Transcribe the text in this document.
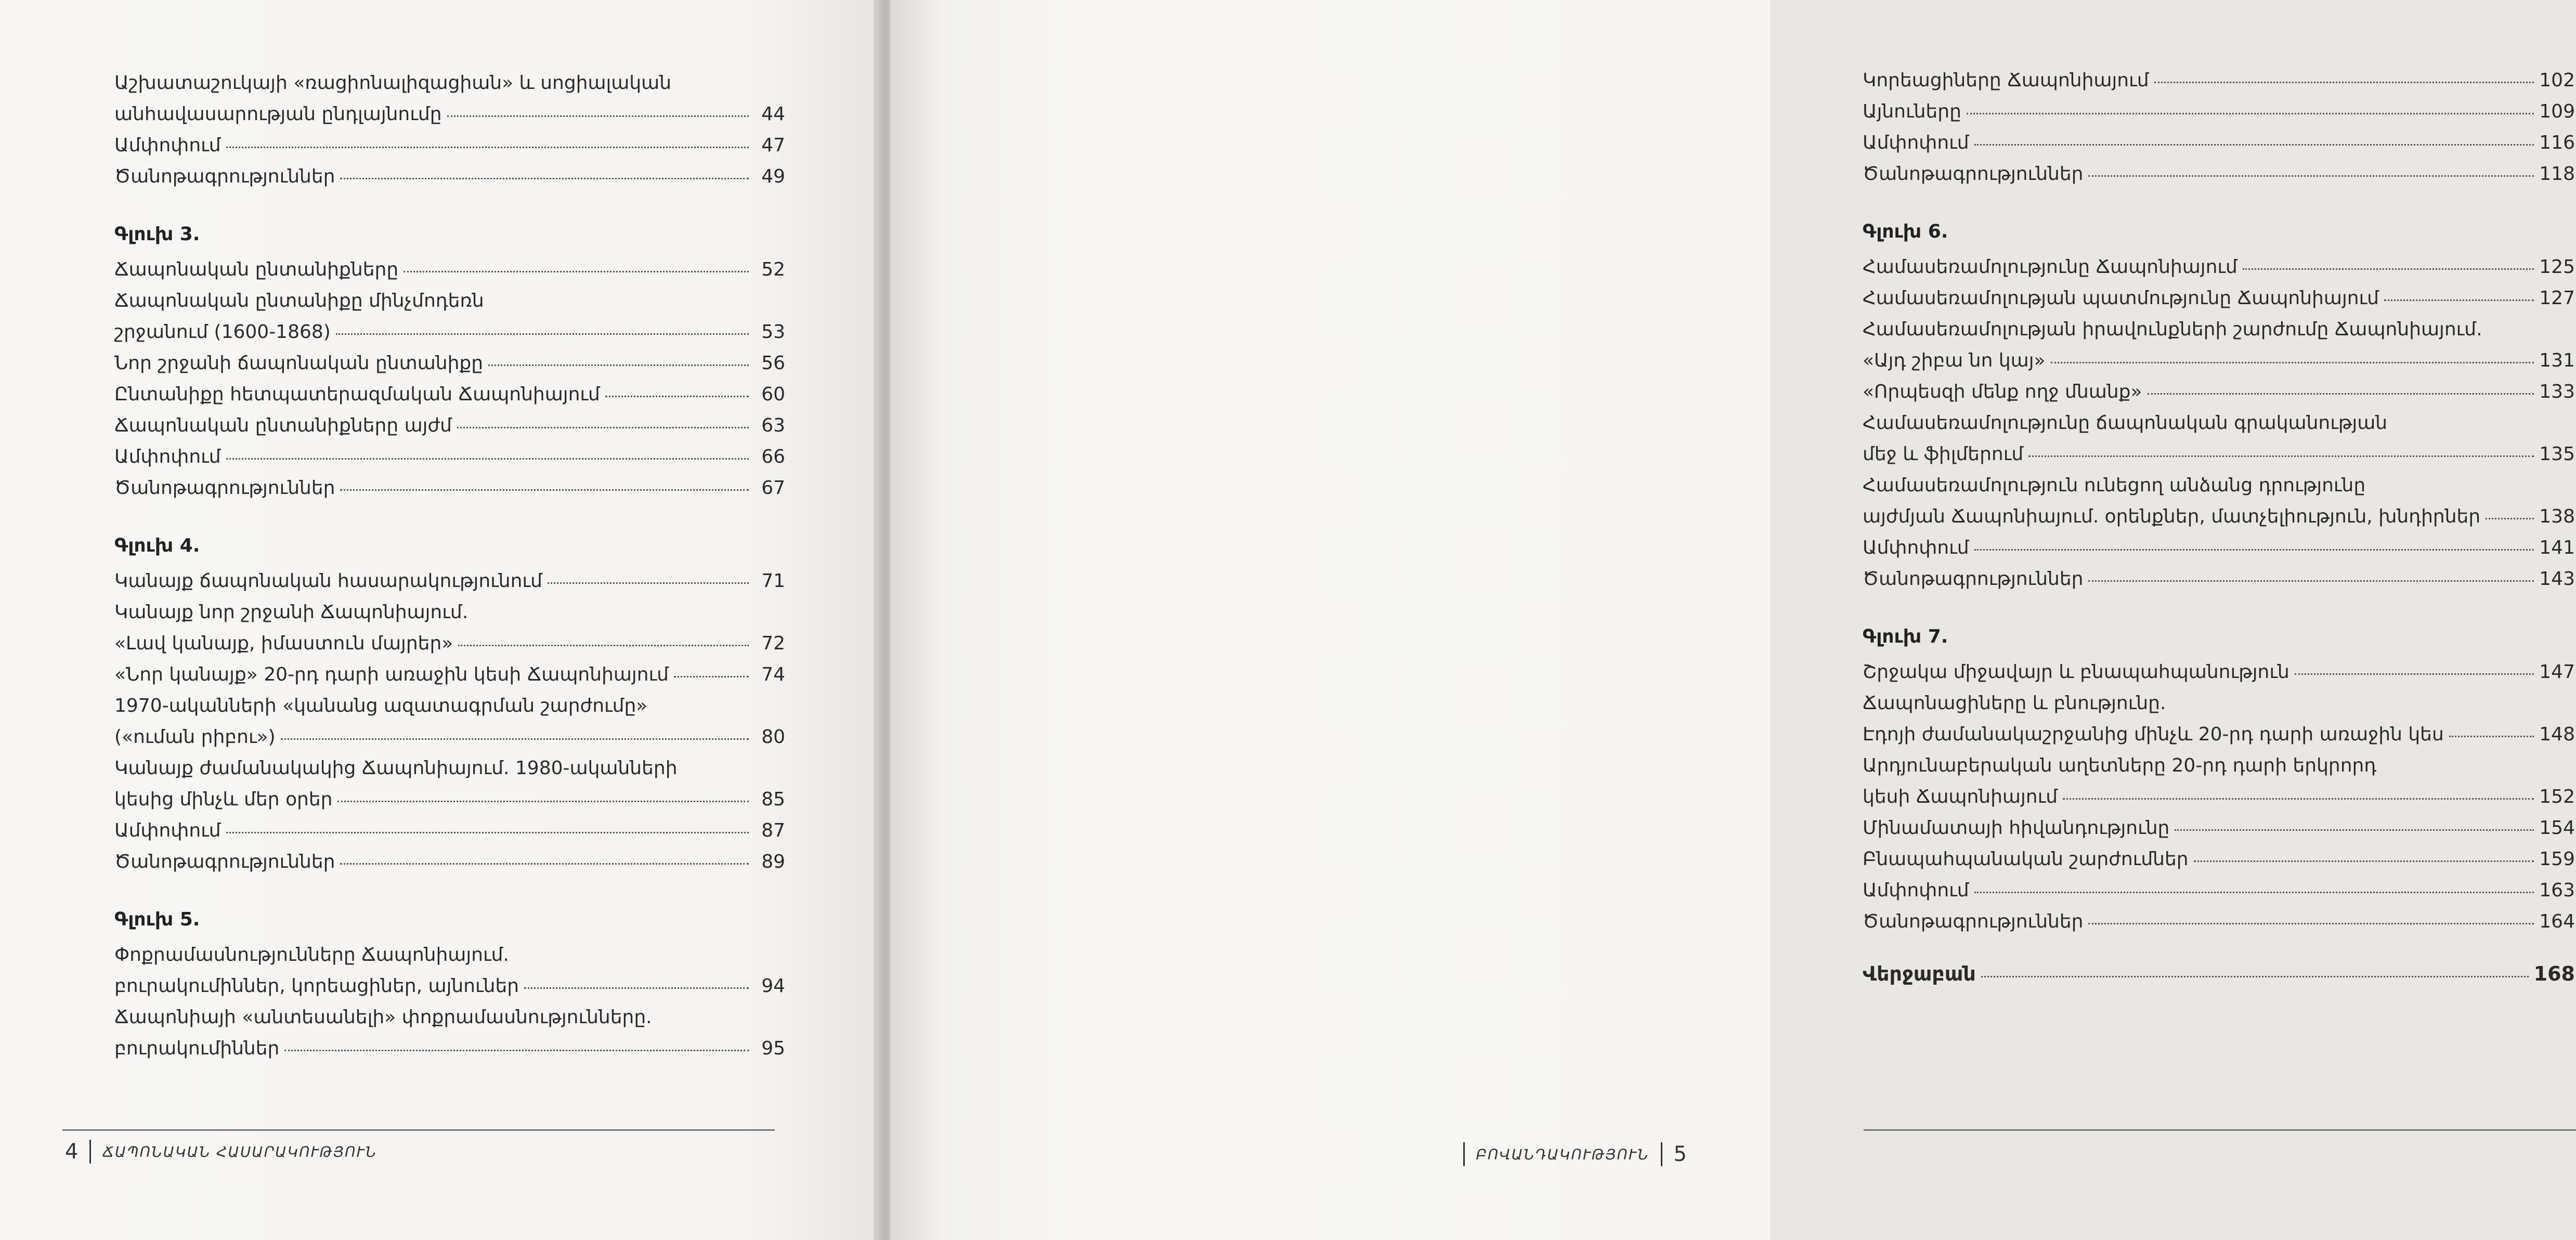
Աշխատաշուկայի «ռացիոնալիզացիան» և սոցիալական
անհավասարության ընդլայնումը	44
Ամփոփում	47
Ծանոթագրություններ	49
Գլուխ 3.
Ճապոնական ընտանիքները	52
Ճապոնական ընտանիքը մինչմոդեռն
շրջանում (1600-1868)	53
Նոր շրջանի ճապոնական ընտանիքը	56
Ընտանիքը հետպատերազմական Ճապոնիայում	60
Ճապոնական ընտանիքները այժմ	63
Ամփոփում	66
Ծանոթագրություններ	67
Գլուխ 4.
Կանայք ճապոնական հասարակությունում	71
Կանայք նոր շրջանի Ճապոնիայում.
«Լավ կանայք, իմաստուն մայրեր»	72
«Նոր կանայք» 20-րդ դարի առաջին կեսի Ճապոնիայում	74
1970-ականների «կանանց ազատագրման շարժումը»
(«ուման րիբու»)	80
Կանայք ժամանակակից Ճապոնիայում. 1980-ականների
կեսից մինչև մեր օրեր	85
Ամփոփում	87
Ծանոթագրություններ	89
Գլուխ 5.
Փոքրամասնությունները Ճապոնիայում.
բուրակումիններ, կորեացիներ, այնուներ	94
Ճապոնիայի «անտեսանելի» փոքրամասնությունները.
բուրակումիններ	95
4 ՃԱՊՈՆԱԿԱՆ ՀԱՍԱՐԱԿՈՒԹՅՈՒՆ
Կորեացիները Ճապոնիայում	102
Այնուները	109
Ամփոփում	116
Ծանոթագրություններ	118
Գլուխ 6.
Համասեռամոլությունը Ճապոնիայում	125
Համասեռամոլության պատմությունը Ճապոնիայում	127
Համասեռամոլության իրավունքների շարժումը Ճապոնիայում.
«Այդ շիբա նո կայ»	131
«Որպեսզի մենք ողջ մնանք»	133
Համասեռամոլությունը ճապոնական գրականության
մեջ և ֆիլմերում	135
Համասեռամոլություն ունեցող անձանց դրությունը
այժմյան Ճապոնիայում. օրենքներ, մատչելիություն, խնդիրներ	138
Ամփոփում	141
Ծանոթագրություններ	143
Գլուխ 7.
Շրջակա միջավայր և բնապահպանություն	147
Ճապոնացիները և բնությունը.
Էդոյի ժամանակաշրջանից մինչև 20-րդ դարի առաջին կես	148
Արդյունաբերական աղետները 20-րդ դարի երկրորդ
կեսի Ճապոնիայում	152
Մինամատայի հիվանդությունը	154
Բնապահպանական շարժումներ	159
Ամփոփում	163
Ծանոթագրություններ	164
Վերջաբան	168
ԲՈՎԱՆԴԱԿՈՒԹՅՈՒՆ 5
